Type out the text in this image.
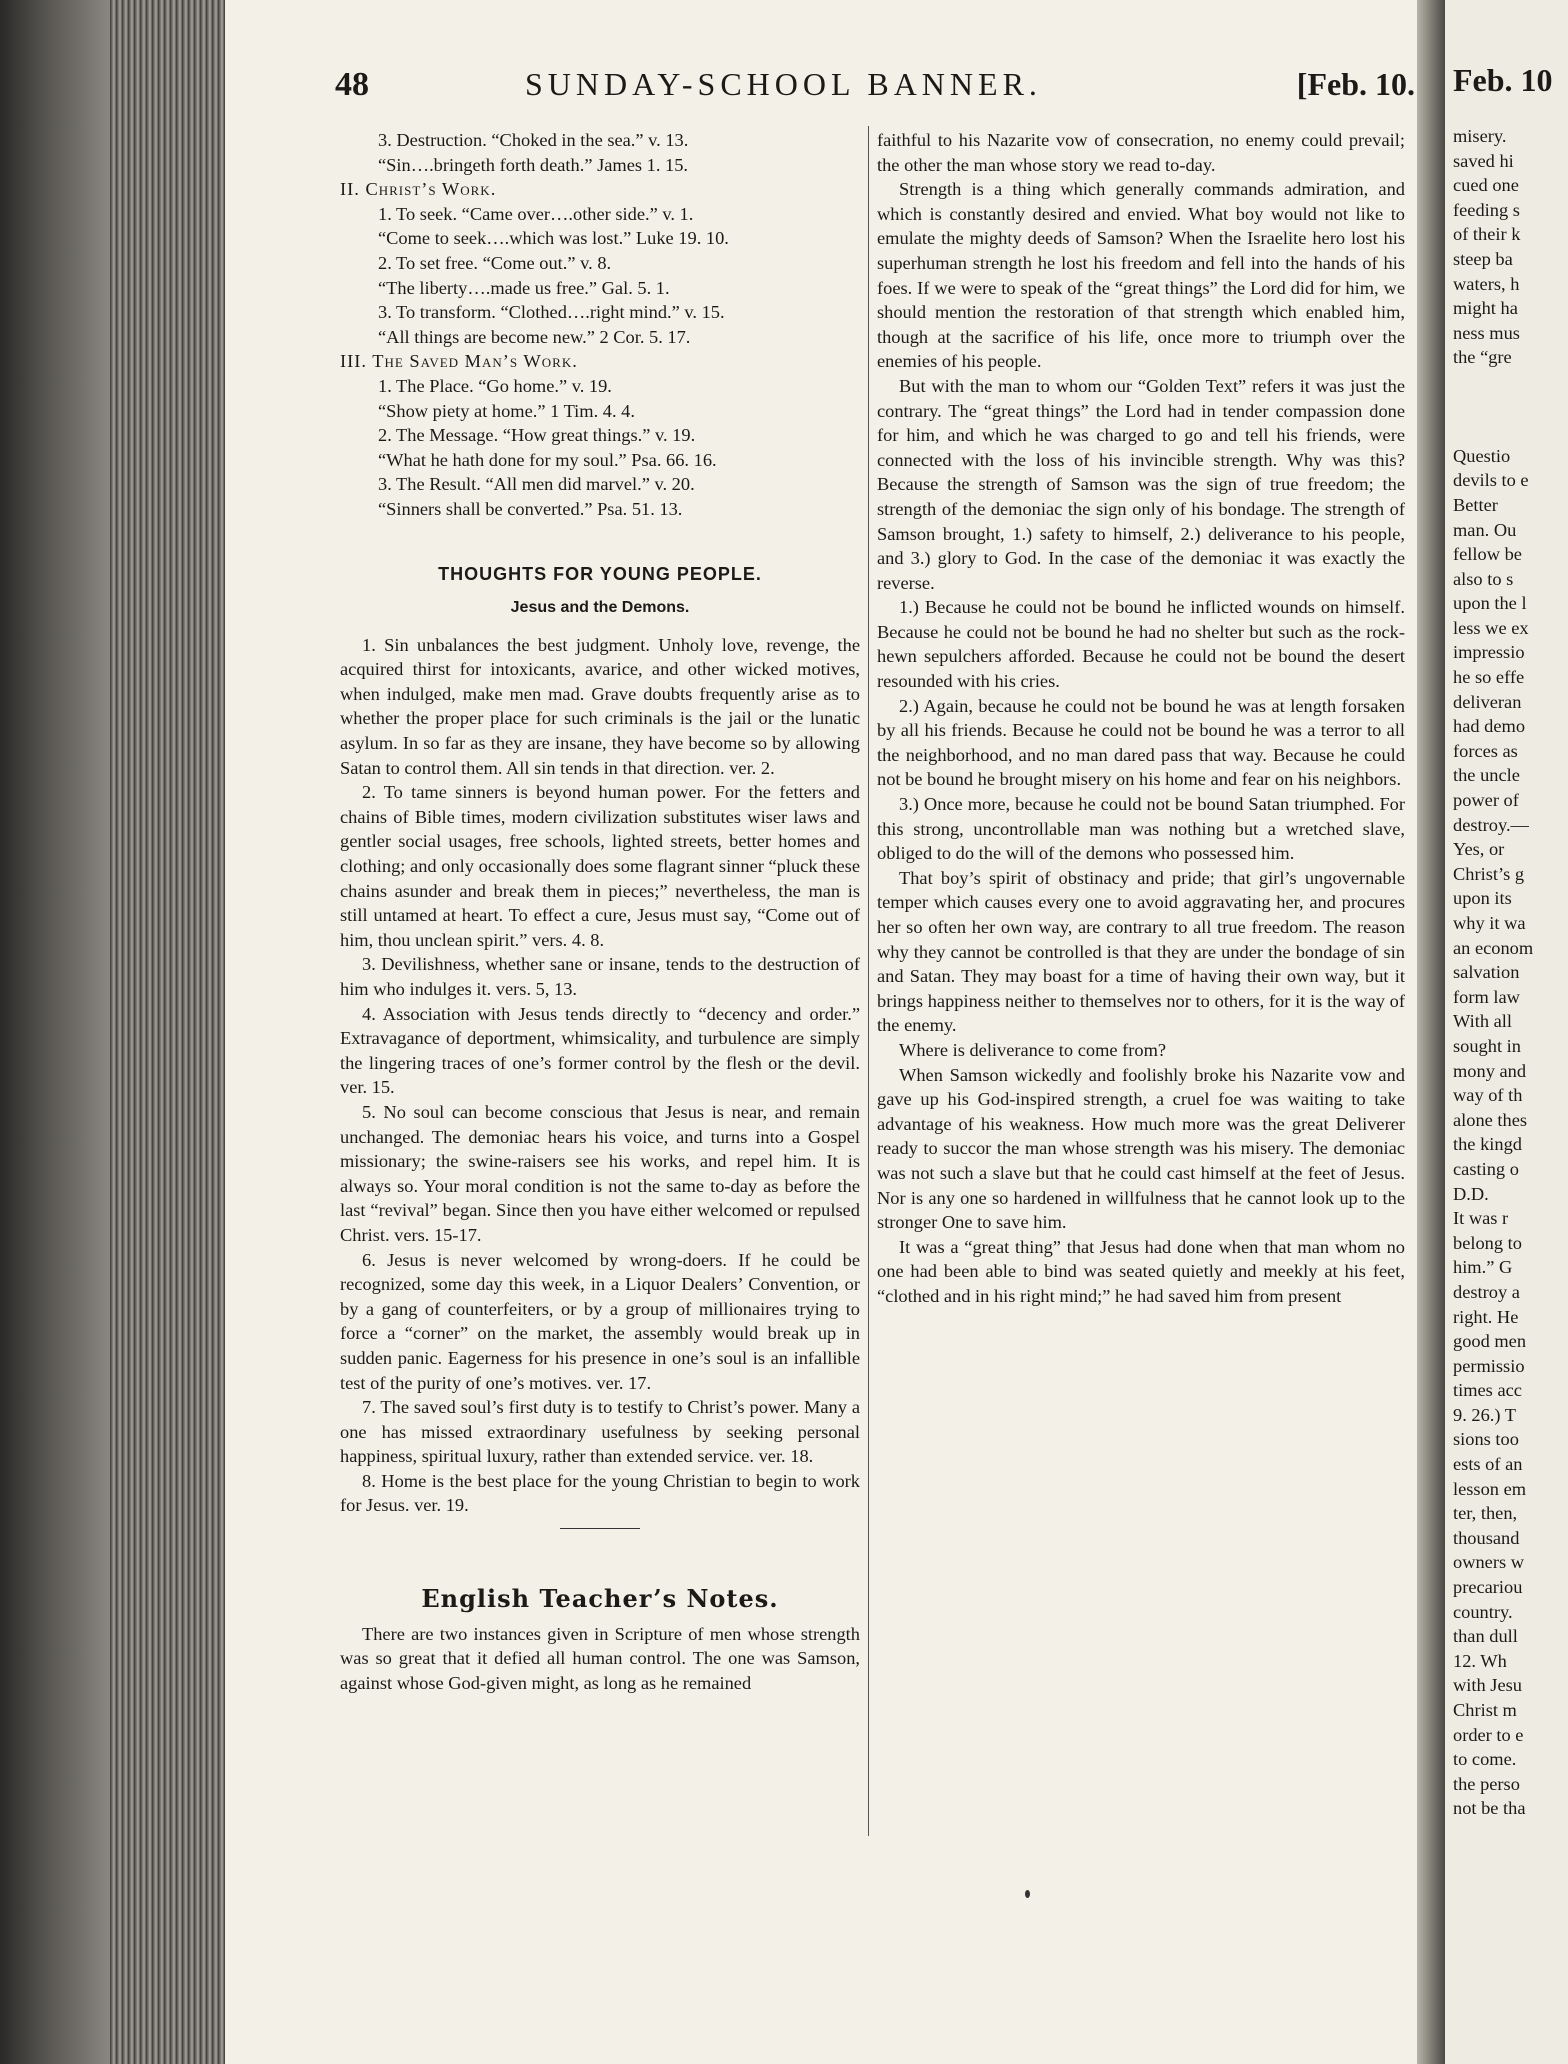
48	SUNDAY-SCHOOL BANNER.	[Feb. 10.

3. Destruction. “Choked in the sea.” v. 13.

“Sin….bringeth forth death.” James 1. 15.

II. Christ’s Work.

1. To seek. “Came over….other side.” v. 1.

“Come to seek….which was lost.” Luke 19. 10.

2. To set free. “Come out.” v. 8.

“The liberty….made us free.” Gal. 5. 1.

3. To transform. “Clothed….right mind.” v. 15.

“All things are become new.” 2 Cor. 5. 17.

III. The Saved Man’s Work.

1. The Place. “Go home.” v. 19.

“Show piety at home.” 1 Tim. 4. 4.

2. The Message. “How great things.” v. 19.

“What he hath done for my soul.” Psa. 66. 16.

3. The Result. “All men did marvel.” v. 20.

“Sinners shall be converted.” Psa. 51. 13.

THOUGHTS FOR YOUNG PEOPLE.

Jesus and the Demons.

1. Sin unbalances the best judgment. Unholy love, revenge, the acquired thirst for intoxicants, avarice, and other wicked motives, when indulged, make men mad. Grave doubts frequently arise as to whether the proper place for such criminals is the jail or the lunatic asylum. In so far as they are insane, they have become so by allowing Satan to control them. All sin tends in that direction. ver. 2.

2. To tame sinners is beyond human power. For the fetters and chains of Bible times, modern civilization substitutes wiser laws and gentler social usages, free schools, lighted streets, better homes and clothing; and only occasionally does some flagrant sinner “pluck these chains asunder and break them in pieces;” nevertheless, the man is still untamed at heart. To effect a cure, Jesus must say, “Come out of him, thou unclean spirit.” vers. 4. 8.

3. Devilishness, whether sane or insane, tends to the destruction of him who indulges it. vers. 5, 13.

4. Association with Jesus tends directly to “decency and order.” Extravagance of deportment, whimsicality, and turbulence are simply the lingering traces of one’s former control by the flesh or the devil. ver. 15.

5. No soul can become conscious that Jesus is near, and remain unchanged. The demoniac hears his voice, and turns into a Gospel missionary; the swine-raisers see his works, and repel him. It is always so. Your moral condition is not the same to-day as before the last “revival” began. Since then you have either welcomed or repulsed Christ. vers. 15-17.

6. Jesus is never welcomed by wrong-doers. If he could be recognized, some day this week, in a Liquor Dealers’ Convention, or by a gang of counterfeiters, or by a group of millionaires trying to force a “corner” on the market, the assembly would break up in sudden panic. Eagerness for his presence in one’s soul is an infallible test of the purity of one’s motives. ver. 17.

7. The saved soul’s first duty is to testify to Christ’s power. Many a one has missed extraordinary usefulness by seeking personal happiness, spiritual luxury, rather than extended service. ver. 18.

8. Home is the best place for the young Christian to begin to work for Jesus. ver. 19.

English Teacher’s Notes.

There are two instances given in Scripture of men whose strength was so great that it defied all human control. The one was Samson, against whose God-given might, as long as he remained

faithful to his Nazarite vow of consecration, no enemy could prevail; the other the man whose story we read to-day.

Strength is a thing which generally commands admiration, and which is constantly desired and envied. What boy would not like to emulate the mighty deeds of Samson? When the Israelite hero lost his superhuman strength he lost his freedom and fell into the hands of his foes. If we were to speak of the “great things” the Lord did for him, we should mention the restoration of that strength which enabled him, though at the sacrifice of his life, once more to triumph over the enemies of his people.

But with the man to whom our “Golden Text” refers it was just the contrary. The “great things” the Lord had in tender compassion done for him, and which he was charged to go and tell his friends, were connected with the loss of his invincible strength. Why was this? Because the strength of Samson was the sign of true freedom; the strength of the demoniac the sign only of his bondage. The strength of Samson brought, 1.) safety to himself, 2.) deliverance to his people, and 3.) glory to God. In the case of the demoniac it was exactly the reverse.

1.) Because he could not be bound he inflicted wounds on himself. Because he could not be bound he had no shelter but such as the rock-hewn sepulchers afforded. Because he could not be bound the desert resounded with his cries.

2.) Again, because he could not be bound he was at length forsaken by all his friends. Because he could not be bound he was a terror to all the neighborhood, and no man dared pass that way. Because he could not be bound he brought misery on his home and fear on his neighbors.

3.) Once more, because he could not be bound Satan triumphed. For this strong, uncontrollable man was nothing but a wretched slave, obliged to do the will of the demons who possessed him.

That boy’s spirit of obstinacy and pride; that girl’s ungovernable temper which causes every one to avoid aggravating her, and procures her so often her own way, are contrary to all true freedom. The reason why they cannot be controlled is that they are under the bondage of sin and Satan. They may boast for a time of having their own way, but it brings happiness neither to themselves nor to others, for it is the way of the enemy.

Where is deliverance to come from?

When Samson wickedly and foolishly broke his Nazarite vow and gave up his God-inspired strength, a cruel foe was waiting to take advantage of his weakness. How much more was the great Deliverer ready to succor the man whose strength was his misery. The demoniac was not such a slave but that he could cast himself at the feet of Jesus. Nor is any one so hardened in willfulness that he cannot look up to the stronger One to save him.

It was a “great thing” that Jesus had done when that man whom no one had been able to bind was seated quietly and meekly at his feet, “clothed and in his right mind;” he had saved him from present

Feb. 10

misery.

saved hi

cued one

feeding s

of their k

steep ba

waters, h

might ha

ness mus

the “gre

Questio

devils to e

Better

man. Ou

fellow be

also to s

upon the l

less we ex

impressio

he so effe

deliveran

had demo

forces as

the uncle

power of

destroy.—

Yes, or

Christ’s g

upon its

why it wa

an econom

salvation

form law

With all

sought in

mony and

way of th

alone thes

the kingd

casting o

D.D.

It was r

belong to

him.” G

destroy a

right. He

good men

permissio

times acc

9. 26.) T

sions too

ests of an

lesson em

ter, then,

thousand

owners w

precariou

country.

than dull

12. Wh

with Jesu

Christ m

order to e

to come.

the perso

not be tha
